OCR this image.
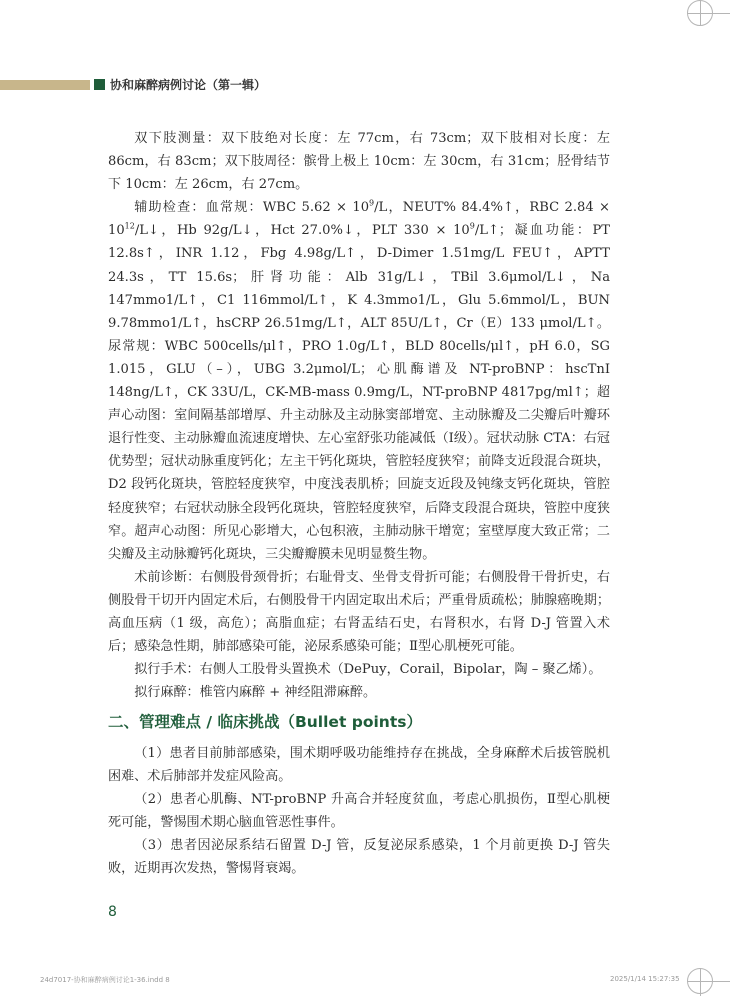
协和麻醉病例讨论（第一辑）

双下肢测量：双下肢绝对长度：左 77cm，右 73cm；双下肢相对长度：左 86cm，右 83cm；双下肢周径：髌骨上极上 10cm：左 30cm，右 31cm；胫骨结节下 10cm：左 26cm，右 27cm。

辅助检查：血常规：WBC $5.62 \times 10^9/L$，NEUT% 84.4%↑，RBC $2.84 \times 10^{12}/L↓$，Hb 92g/L↓，Hct 27.0%↓，PLT $330 \times 10^9/L↑$；凝血功能：PT 12.8s↑，INR 1.12，Fbg 4.98g/L↑，D-Dimer 1.51mg/L FEU↑，APTT 24.3s，TT 15.6s；肝肾功能：Alb 31g/L↓，TBil 3.6μmol/L↓，Na 147mmo1/L↑，C1 116mmol/L↑，K 4.3mmo1/L，Glu 5.6mmol/L，BUN 9.78mmo1/L↑，hsCRP 26.51mg/L↑，ALT 85U/L↑，Cr（E）133 μmol/L↑。尿常规：WBC 500cells/μl↑，PRO 1.0g/L↑，BLD 80cells/μl↑，pH 6.0，SG 1.015，GLU（–），UBG 3.2μmol/L；心肌酶谱及 NT-proBNP：hscTnI 148ng/L↑，CK 33U/L，CK-MB-mass 0.9mg/L，NT-proBNP 4817pg/ml↑；超声心动图：室间隔基部增厚、升主动脉及主动脉窦部增宽、主动脉瓣及二尖瓣后叶瓣环退行性变、主动脉瓣血流速度增快、左心室舒张功能减低（Ⅰ级）。冠状动脉 CTA：右冠优势型；冠状动脉重度钙化；左主干钙化斑块，管腔轻度狭窄；前降支近段混合斑块，D2 段钙化斑块，管腔轻度狭窄，中度浅表肌桥；回旋支近段及钝缘支钙化斑块，管腔轻度狭窄；右冠状动脉全段钙化斑块，管腔轻度狭窄，后降支段混合斑块，管腔中度狭窄。超声心动图：所见心影增大，心包积液，主肺动脉干增宽；室壁厚度大致正常；二尖瓣及主动脉瓣钙化斑块，三尖瓣瓣膜未见明显赘生物。

术前诊断：右侧股骨颈骨折；右耻骨支、坐骨支骨折可能；右侧股骨干骨折史，右侧股骨干切开内固定术后，右侧股骨干内固定取出术后；严重骨质疏松；肺腺癌晚期；高血压病（1 级，高危）；高脂血症；右肾盂结石史，右肾积水，右肾 D-J 管置入术后；感染急性期，肺部感染可能，泌尿系感染可能；Ⅱ型心肌梗死可能。

拟行手术：右侧人工股骨头置换术（DePuy，Corail，Bipolar，陶 – 聚乙烯）。

拟行麻醉：椎管内麻醉 + 神经阻滞麻醉。

二、管理难点 / 临床挑战（Bullet points）

（1）患者目前肺部感染，围术期呼吸功能维持存在挑战，全身麻醉术后拔管脱机困难、术后肺部并发症风险高。

（2）患者心肌酶、NT-proBNP 升高合并轻度贫血，考虑心肌损伤，Ⅱ型心肌梗死可能，警惕围术期心脑血管恶性事件。

（3）患者因泌尿系结石留置 D-J 管，反复泌尿系感染，1 个月前更换 D-J 管失败，近期再次发热，警惕肾衰竭。

8
24d7017-协和麻醉病例讨论1-36.indd 8	2025/1/14 15:27:35
